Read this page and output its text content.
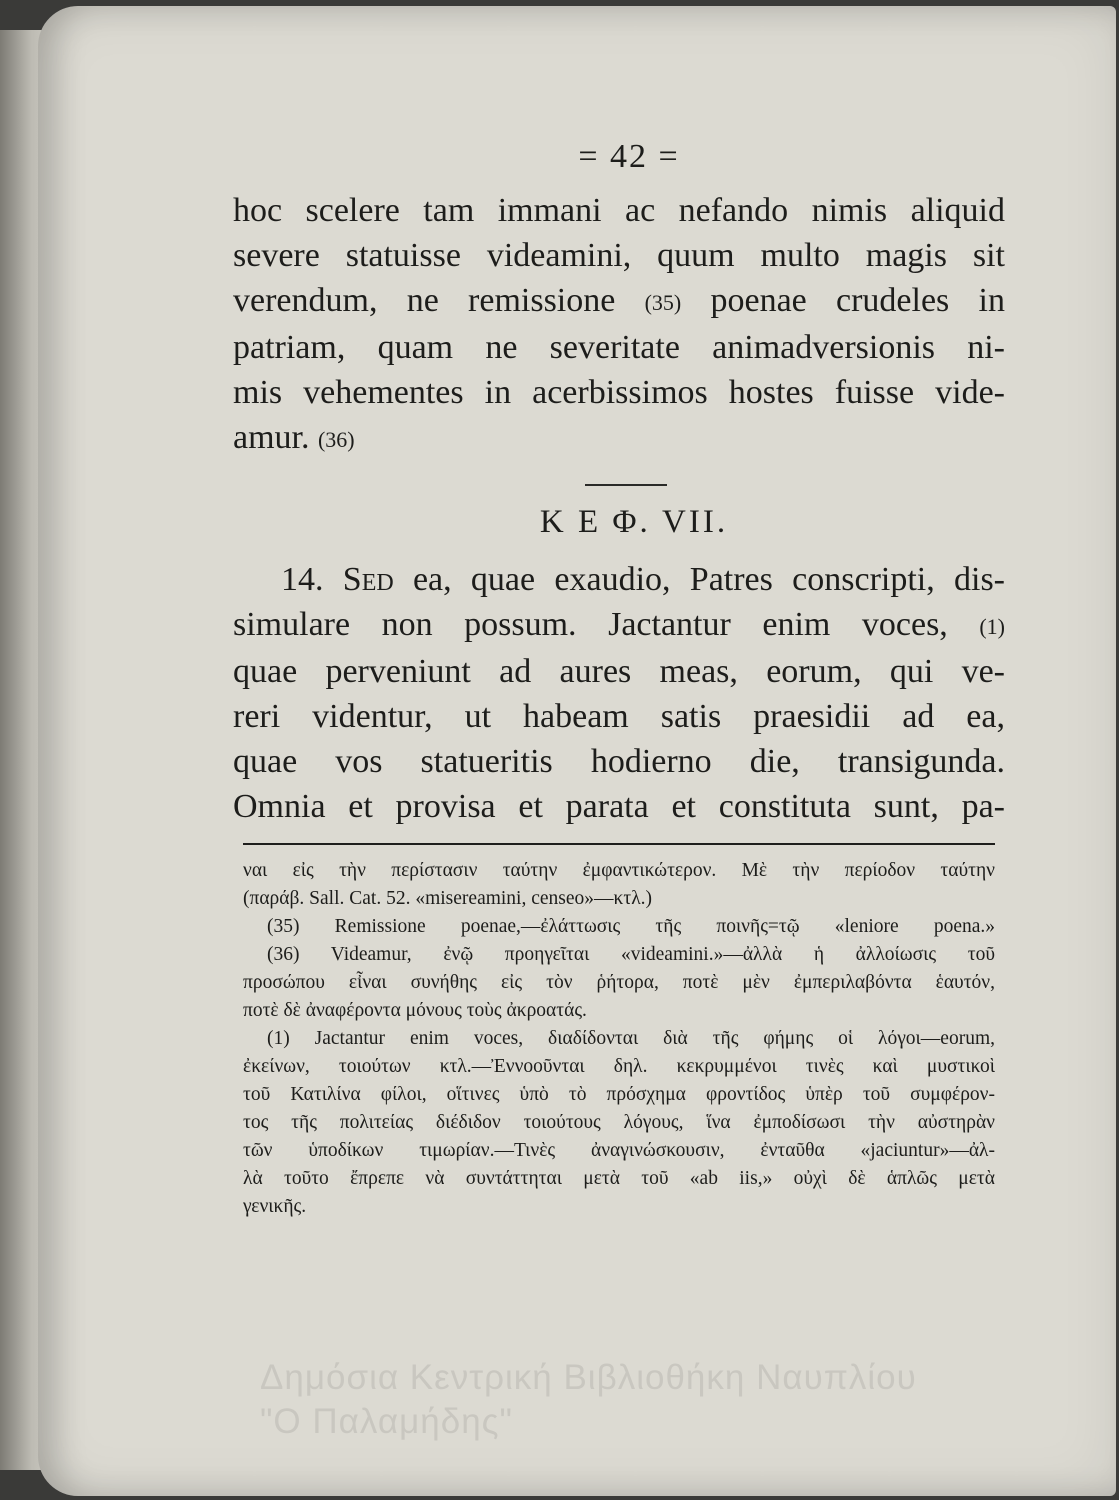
= 42 =

hoc scelere tam immani ac nefando nimis aliquid
severe statuisse videamini, quum multo magis sit
verendum, ne remissione (35) poenae crudeles in
patriam, quam ne severitate animadversionis ni-
mis vehementes in acerbissimos hostes fuisse vide-
amur. (36)

Κ Ε Φ. VII.

14. Sed ea, quae exaudio, Patres conscripti, dis-
simulare non possum. Jactantur enim voces, (1)
quae perveniunt ad aures meas, eorum, qui ve-
reri videntur, ut habeam satis praesidii ad ea,
quae vos statueritis hodierno die, transigunda.
Omnia et provisa et parata et constituta sunt, pa-

ναι εἰς τὴν περίστασιν ταύτην ἐμφαντικώτερον. Μὲ τὴν περίοδον ταύτην
(παράβ. Sall. Cat. 52. «misereamini, censeo»—κτλ.)
(35) Remissione poenae,—ἐλάττωσις τῆς ποινῆς=τῷ «leniore poena.»
(36) Videamur, ἐνῷ προηγεῖται «videamini.»—ἀλλὰ ἡ ἀλλοίωσις τοῦ
προσώπου εἶναι συνήθης εἰς τὸν ῥήτορα, ποτὲ μὲν ἐμπεριλαβόντα ἑαυτόν,
ποτὲ δὲ ἀναφέροντα μόνους τοὺς ἀκροατάς.
(1) Jactantur enim voces, διαδίδονται διὰ τῆς φήμης οἱ λόγοι—eorum,
ἐκείνων, τοιούτων κτλ.—Ἐννοοῦνται δηλ. κεκρυμμένοι τινὲς καὶ μυστικοὶ
τοῦ Κατιλίνα φίλοι, οἵτινες ὑπὸ τὸ πρόσχημα φροντίδος ὑπὲρ τοῦ συμφέρον-
τος τῆς πολιτείας διέδιδον τοιούτους λόγους, ἵνα ἐμποδίσωσι τὴν αὐστηρὰν
τῶν ὑποδίκων τιμωρίαν.—Τινὲς ἀναγινώσκουσιν, ἐνταῦθα «jaciuntur»—ἀλ-
λὰ τοῦτο ἔπρεπε νὰ συντάττηται μετὰ τοῦ «ab iis,» οὐχὶ δὲ ἁπλῶς μετὰ
γενικῆς.

Δημόσια Κεντρική Βιβλιοθήκη Ναυπλίου
"Ο Παλαμήδης"
